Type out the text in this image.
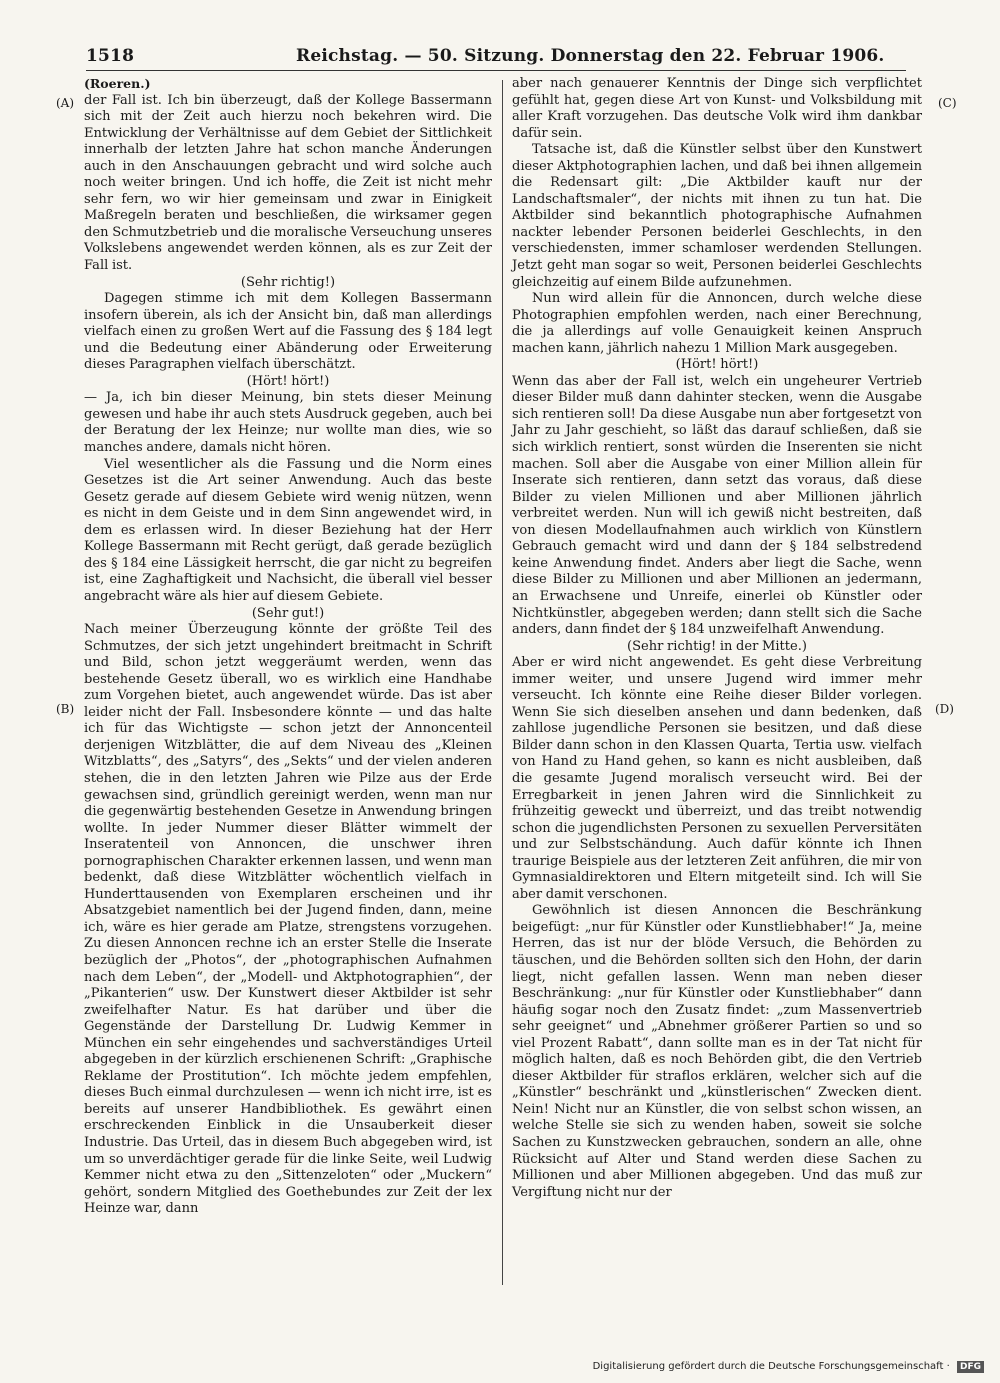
1518	Reichstag. — 50. Sitzung. Donnerstag den 22. Februar 1906.
(A)
(B)
(C)
(D)

(Roeren.)

der Fall ist. Ich bin überzeugt, daß der Kollege Bassermann sich mit der Zeit auch hierzu noch bekehren wird. Die Entwicklung der Verhältnisse auf dem Gebiet der Sittlichkeit innerhalb der letzten Jahre hat schon manche Änderungen auch in den Anschauungen gebracht und wird solche auch noch weiter bringen. Und ich hoffe, die Zeit ist nicht mehr sehr fern, wo wir hier gemeinsam und zwar in Einigkeit Maßregeln beraten und beschließen, die wirksamer gegen den Schmutzbetrieb und die moralische Verseuchung unseres Volkslebens angewendet werden können, als es zur Zeit der Fall ist.

(Sehr richtig!)

Dagegen stimme ich mit dem Kollegen Bassermann insofern überein, als ich der Ansicht bin, daß man allerdings vielfach einen zu großen Wert auf die Fassung des § 184 legt und die Bedeutung einer Abänderung oder Erweiterung dieses Paragraphen vielfach überschätzt.

(Hört! hört!)

— Ja, ich bin dieser Meinung, bin stets dieser Meinung gewesen und habe ihr auch stets Ausdruck gegeben, auch bei der Beratung der lex Heinze; nur wollte man dies, wie so manches andere, damals nicht hören.

Viel wesentlicher als die Fassung und die Norm eines Gesetzes ist die Art seiner Anwendung. Auch das beste Gesetz gerade auf diesem Gebiete wird wenig nützen, wenn es nicht in dem Geiste und in dem Sinn angewendet wird, in dem es erlassen wird. In dieser Beziehung hat der Herr Kollege Bassermann mit Recht gerügt, daß gerade bezüglich des § 184 eine Lässigkeit herrscht, die gar nicht zu begreifen ist, eine Zaghaftigkeit und Nachsicht, die überall viel besser angebracht wäre als hier auf diesem Gebiete.

(Sehr gut!)

Nach meiner Überzeugung könnte der größte Teil des Schmutzes, der sich jetzt ungehindert breitmacht in Schrift und Bild, schon jetzt weggeräumt werden, wenn das bestehende Gesetz überall, wo es wirklich eine Handhabe zum Vorgehen bietet, auch angewendet würde. Das ist aber leider nicht der Fall. Insbesondere könnte — und das halte ich für das Wichtigste — schon jetzt der Annoncenteil derjenigen Witzblätter, die auf dem Niveau des „Kleinen Witzblatts“, des „Satyrs“, des „Sekts“ und der vielen anderen stehen, die in den letzten Jahren wie Pilze aus der Erde gewachsen sind, gründlich gereinigt werden, wenn man nur die gegenwärtig bestehenden Gesetze in Anwendung bringen wollte. In jeder Nummer dieser Blätter wimmelt der Inseratenteil von Annoncen, die unschwer ihren pornographischen Charakter erkennen lassen, und wenn man bedenkt, daß diese Witzblätter wöchentlich vielfach in Hunderttausenden von Exemplaren erscheinen und ihr Absatzgebiet namentlich bei der Jugend finden, dann, meine ich, wäre es hier gerade am Platze, strengstens vorzugehen. Zu diesen Annoncen rechne ich an erster Stelle die Inserate bezüglich der „Photos“, der „photographischen Aufnahmen nach dem Leben“, der „Modell- und Aktphotographien“, der „Pikanterien“ usw. Der Kunstwert dieser Aktbilder ist sehr zweifelhafter Natur. Es hat darüber und über die Gegenstände der Darstellung Dr. Ludwig Kemmer in München ein sehr eingehendes und sachverständiges Urteil abgegeben in der kürzlich erschienenen Schrift: „Graphische Reklame der Prostitution“. Ich möchte jedem empfehlen, dieses Buch einmal durchzulesen — wenn ich nicht irre, ist es bereits auf unserer Handbibliothek. Es gewährt einen erschreckenden Einblick in die Unsauberkeit dieser Industrie. Das Urteil, das in diesem Buch abgegeben wird, ist um so unverdächtiger gerade für die linke Seite, weil Ludwig Kemmer nicht etwa zu den „Sittenzeloten“ oder „Muckern“ gehört, sondern Mitglied des Goethebundes zur Zeit der lex Heinze war, dann

aber nach genauerer Kenntnis der Dinge sich verpflichtet gefühlt hat, gegen diese Art von Kunst- und Volksbildung mit aller Kraft vorzugehen. Das deutsche Volk wird ihm dankbar dafür sein.

Tatsache ist, daß die Künstler selbst über den Kunstwert dieser Aktphotographien lachen, und daß bei ihnen allgemein die Redensart gilt: „Die Aktbilder kauft nur der Landschaftsmaler“, der nichts mit ihnen zu tun hat. Die Aktbilder sind bekanntlich photographische Aufnahmen nackter lebender Personen beiderlei Geschlechts, in den verschiedensten, immer schamloser werdenden Stellungen. Jetzt geht man sogar so weit, Personen beiderlei Geschlechts gleichzeitig auf einem Bilde aufzunehmen.

Nun wird allein für die Annoncen, durch welche diese Photographien empfohlen werden, nach einer Berechnung, die ja allerdings auf volle Genauigkeit keinen Anspruch machen kann, jährlich nahezu 1 Million Mark ausgegeben.

(Hört! hört!)

Wenn das aber der Fall ist, welch ein ungeheurer Vertrieb dieser Bilder muß dann dahinter stecken, wenn die Ausgabe sich rentieren soll! Da diese Ausgabe nun aber fortgesetzt von Jahr zu Jahr geschieht, so läßt das darauf schließen, daß sie sich wirklich rentiert, sonst würden die Inserenten sie nicht machen. Soll aber die Ausgabe von einer Million allein für Inserate sich rentieren, dann setzt das voraus, daß diese Bilder zu vielen Millionen und aber Millionen jährlich verbreitet werden. Nun will ich gewiß nicht bestreiten, daß von diesen Modellaufnahmen auch wirklich von Künstlern Gebrauch gemacht wird und dann der § 184 selbstredend keine Anwendung findet. Anders aber liegt die Sache, wenn diese Bilder zu Millionen und aber Millionen an jedermann, an Erwachsene und Unreife, einerlei ob Künstler oder Nichtkünstler, abgegeben werden; dann stellt sich die Sache anders, dann findet der § 184 unzweifelhaft Anwendung.

(Sehr richtig! in der Mitte.)

Aber er wird nicht angewendet. Es geht diese Verbreitung immer weiter, und unsere Jugend wird immer mehr verseucht. Ich könnte eine Reihe dieser Bilder vorlegen. Wenn Sie sich dieselben ansehen und dann bedenken, daß zahllose jugendliche Personen sie besitzen, und daß diese Bilder dann schon in den Klassen Quarta, Tertia usw. vielfach von Hand zu Hand gehen, so kann es nicht ausbleiben, daß die gesamte Jugend moralisch verseucht wird. Bei der Erregbarkeit in jenen Jahren wird die Sinnlichkeit zu frühzeitig geweckt und überreizt, und das treibt notwendig schon die jugendlichsten Personen zu sexuellen Perversitäten und zur Selbstschändung. Auch dafür könnte ich Ihnen traurige Beispiele aus der letzteren Zeit anführen, die mir von Gymnasialdirektoren und Eltern mitgeteilt sind. Ich will Sie aber damit verschonen.

Gewöhnlich ist diesen Annoncen die Beschränkung beigefügt: „nur für Künstler oder Kunstliebhaber!“ Ja, meine Herren, das ist nur der blöde Versuch, die Behörden zu täuschen, und die Behörden sollten sich den Hohn, der darin liegt, nicht gefallen lassen. Wenn man neben dieser Beschränkung: „nur für Künstler oder Kunstliebhaber“ dann häufig sogar noch den Zusatz findet: „zum Massenvertrieb sehr geeignet“ und „Abnehmer größerer Partien so und so viel Prozent Rabatt“, dann sollte man es in der Tat nicht für möglich halten, daß es noch Behörden gibt, die den Vertrieb dieser Aktbilder für straflos erklären, welcher sich auf die „Künstler“ beschränkt und „künstlerischen“ Zwecken dient. Nein! Nicht nur an Künstler, die von selbst schon wissen, an welche Stelle sie sich zu wenden haben, soweit sie solche Sachen zu Kunstzwecken gebrauchen, sondern an alle, ohne Rücksicht auf Alter und Stand werden diese Sachen zu Millionen und aber Millionen abgegeben. Und das muß zur Vergiftung nicht nur der

Digitalisierung gefördert durch die Deutsche Forschungsgemeinschaft · DFG
